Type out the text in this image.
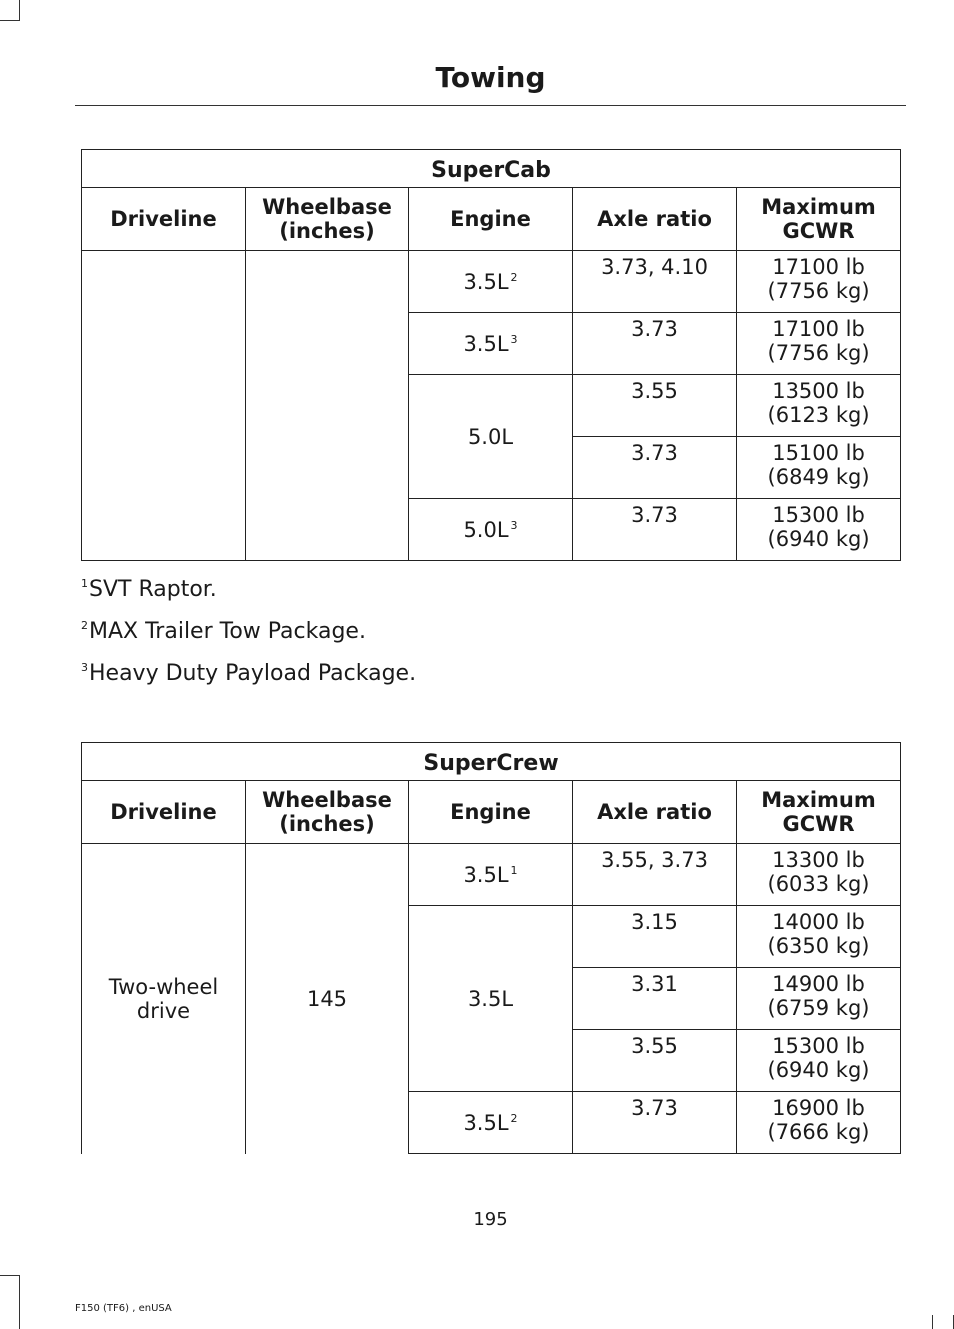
Towing
SuperCab				
Driveline	Wheelbase
(inches)	Engine	Axle ratio	Maximum
GCWR
		3.5L $^2$	3.73, 4.10	17100 lb
(7756 kg)
		3.5L $^3$	3.73	17100 lb
(7756 kg)
		5.0L	3.55	13500 lb
(6123 kg)
			3.73	15100 lb
(6849 kg)
		5.0L $^3$	3.73	15300 lb
(6940 kg)
$^1$SVT Raptor.
$^2$MAX Trailer Tow Package.
$^3$Heavy Duty Payload Package.
SuperCrew				
Driveline	Wheelbase
(inches)	Engine	Axle ratio	Maximum
GCWR
Two-wheel
drive	145	3.5L $^1$	3.55, 3.73	13300 lb
(6033 kg)
		3.5L	3.15	14000 lb
(6350 kg)
			3.31	14900 lb
(6759 kg)
			3.55	15300 lb
(6940 kg)
		3.5L $^2$	3.73	16900 lb
(7666 kg)
195
F150 (TF6) , enUSA
